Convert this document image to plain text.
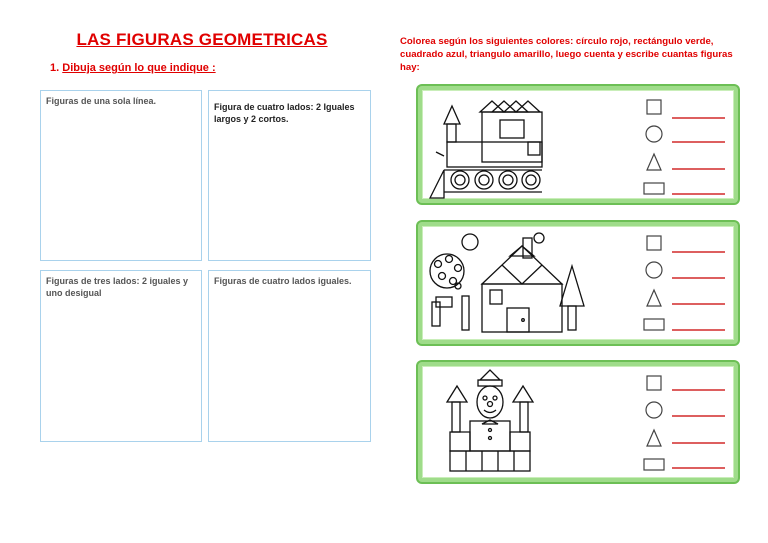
LAS FIGURAS GEOMETRICAS
1. Dibuja según lo que indique :
Figuras de una sola línea.
Figura de cuatro lados: 2 Iguales largos y 2 cortos.
Figuras de tres lados: 2 iguales y uno desigual
Figuras de cuatro lados iguales.
Colorea según los siguientes colores: círculo rojo, rectángulo verde, cuadrado azul, triangulo amarillo, luego cuenta y escribe cuantas figuras hay:
